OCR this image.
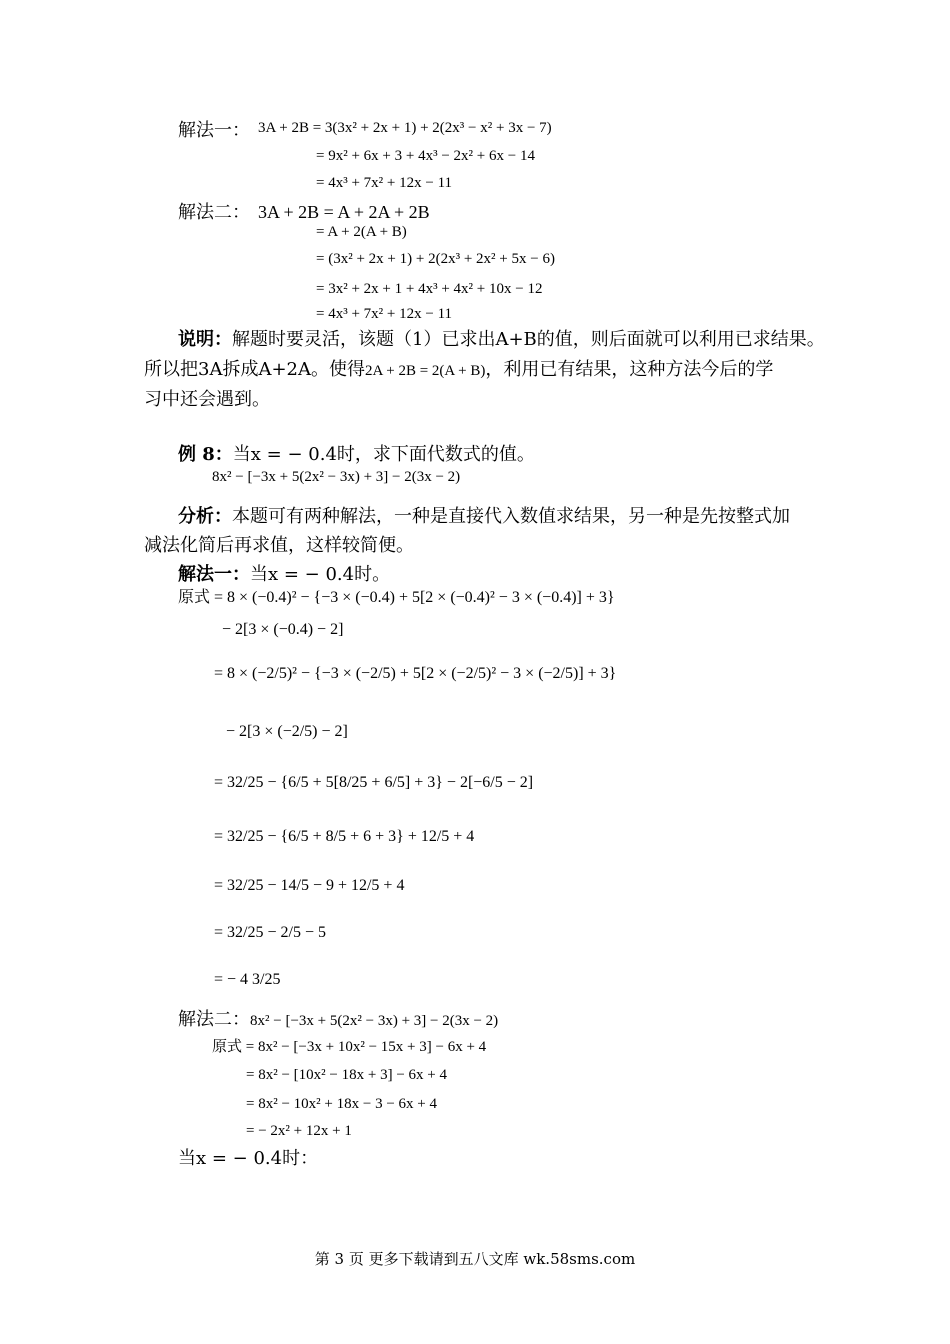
解法一： 3A + 2B = 3(3x² + 2x + 1) + 2(2x³ − x² + 3x − 7)
= 9x² + 6x + 3 + 4x³ − 2x² + 6x − 14
= 4x³ + 7x² + 12x − 11
解法二： 3A + 2B = A + 2A + 2B
= A + 2(A + B)
= (3x² + 2x + 1) + 2(2x³ + 2x² + 5x − 6)
= 3x² + 2x + 1 + 4x³ + 4x² + 10x − 12
= 4x³ + 7x² + 12x − 11
说明：解题时要灵活，该题（1）已求出A+B的值，则后面就可以利用已求结果。
所以把3A拆成A+2A。使得2A + 2B = 2(A + B)，利用已有结果，这种方法今后的学
习中还会遇到。
例 8：当x = − 0.4时，求下面代数式的值。
8x² − [−3x + 5(2x² − 3x) + 3] − 2(3x − 2)
分析：本题可有两种解法，一种是直接代入数值求结果，另一种是先按整式加
减法化简后再求值，这样较简便。
解法一：当x = − 0.4时。
原式 = 8 × (−0.4)² − {−3 × (−0.4) + 5[2 × (−0.4)² − 3 × (−0.4)] + 3}
− 2[3 × (−0.4) − 2]
= 8 × (−2/5)² − {−3 × (−2/5) + 5[2 × (−2/5)² − 3 × (−2/5)] + 3}
− 2[3 × (−2/5) − 2]
= 32/25 − {6/5 + 5[8/25 + 6/5] + 3} − 2[−6/5 − 2]
= 32/25 − {6/5 + 8/5 + 6 + 3} + 12/5 + 4
= 32/25 − 14/5 − 9 + 12/5 + 4
= 32/25 − 2/5 − 5
= − 4 3/25
解法二：8x² − [−3x + 5(2x² − 3x) + 3] − 2(3x − 2)
原式 = 8x² − [−3x + 10x² − 15x + 3] − 6x + 4
= 8x² − [10x² − 18x + 3] − 6x + 4
= 8x² − 10x² + 18x − 3 − 6x + 4
= − 2x² + 12x + 1
当x = − 0.4时：
第 3 页 更多下载请到五八文库 wk.58sms.com
